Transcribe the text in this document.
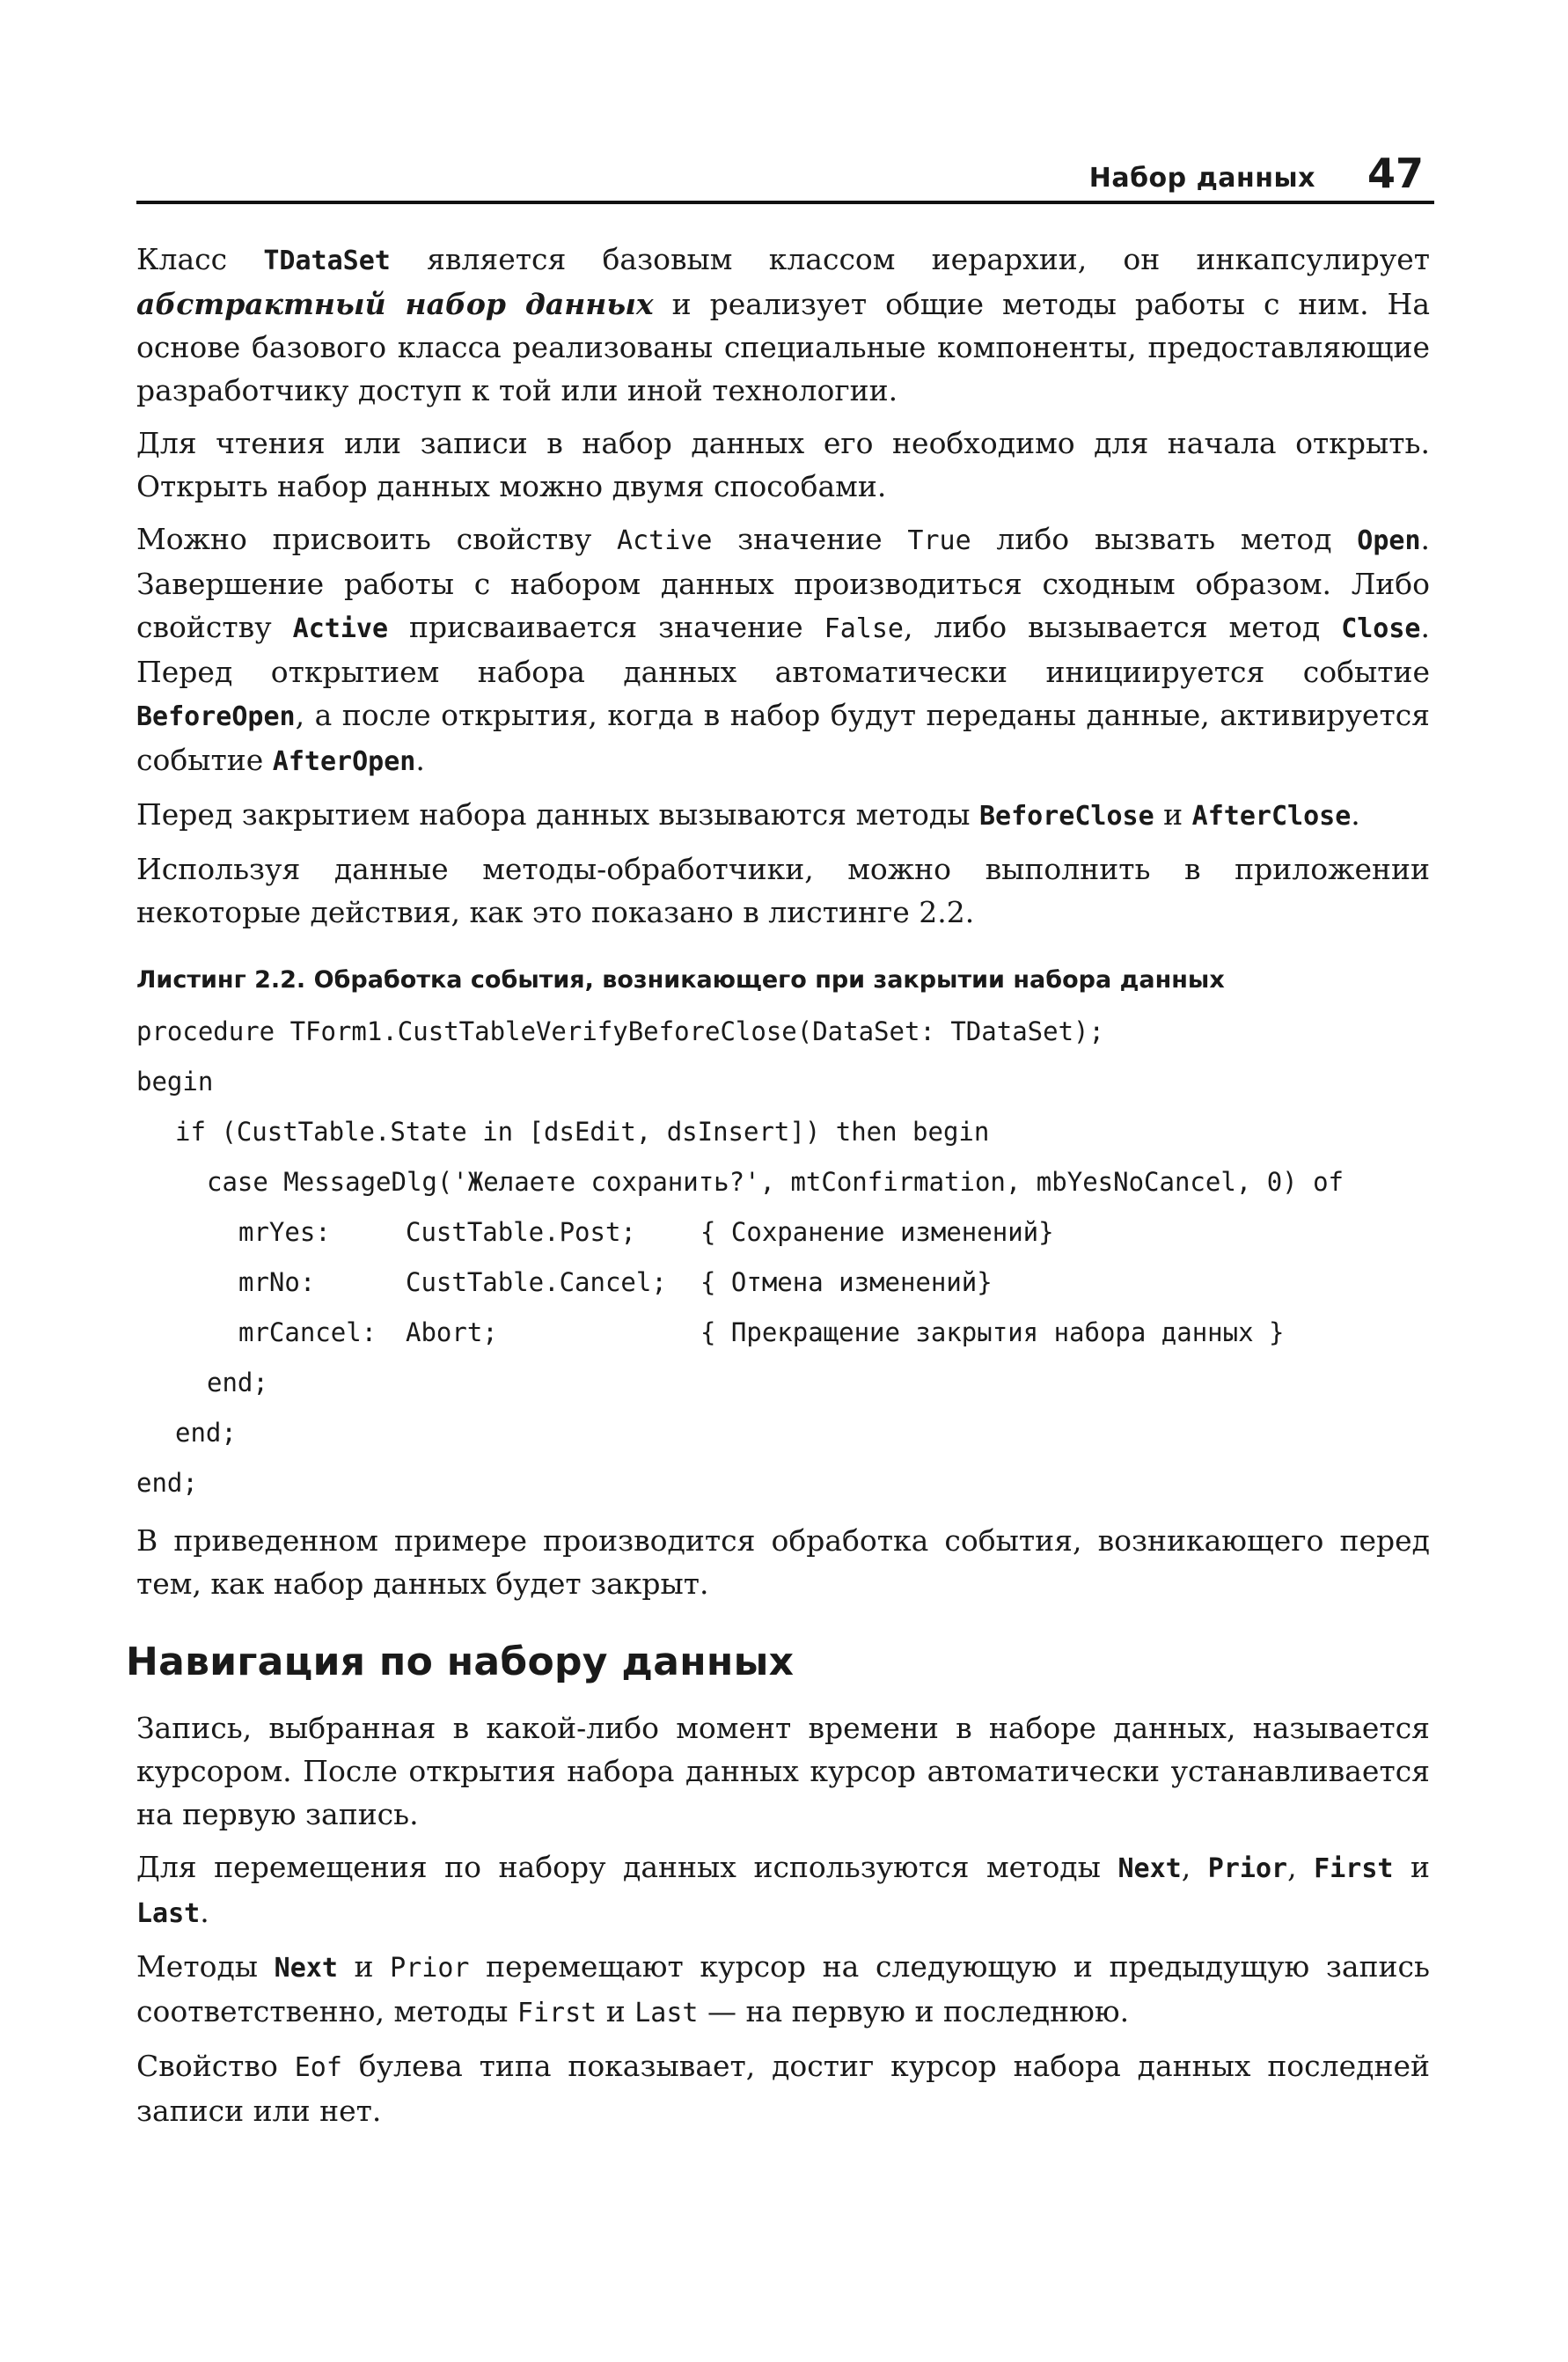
Набор данных 47

Класс TDataSet является базовым классом иерархии, он инкапсулирует абстрактный набор данных и реализует общие методы работы с ним. На основе базового класса реализованы специальные компоненты, предоставляющие разработчику доступ к той или иной технологии.

Для чтения или записи в набор данных его необходимо для начала открыть. Открыть набор данных можно двумя способами.

Можно присвоить свойству Active значение True либо вызвать метод Open. Завершение работы с набором данных производиться сходным образом. Либо свойству Active присваивается значение False, либо вызывается метод Close. Перед открытием набора данных автоматически инициируется событие BeforeOpen, а после открытия, когда в набор будут переданы данные, активируется событие AfterOpen.

Перед закрытием набора данных вызываются методы BeforeClose и AfterClose.

Используя данные методы-обработчики, можно выполнить в приложении некоторые действия, как это показано в листинге 2.2.

Листинг 2.2. Обработка события, возникающего при закрытии набора данных
procedure TForm1.CustTableVerifyBeforeClose(DataSet: TDataSet);
begin
if (CustTable.State in [dsEdit, dsInsert]) then begin
case MessageDlg('Желаете сохранить?', mtConfirmation, mbYesNoCancel, 0) of
mrYes:	CustTable.Post;	{ Сохранение изменений}
mrNo:	CustTable.Cancel;	{ Отмена изменений}
mrCancel:	Abort;	{ Прекращение закрытия набора данных }
end;
end;
end;

В приведенном примере производится обработка события, возникающего перед тем, как набор данных будет закрыт.

Навигация по набору данных

Запись, выбранная в какой-либо момент времени в наборе данных, называется курсором. После открытия набора данных курсор автоматически устанавливается на первую запись.

Для перемещения по набору данных используются методы Next, Prior, First и Last.

Методы Next и Prior перемещают курсор на следующую и предыдущую запись соответственно, методы First и Last — на первую и последнюю.

Свойство Eof булева типа показывает, достиг курсор набора данных последней записи или нет.
